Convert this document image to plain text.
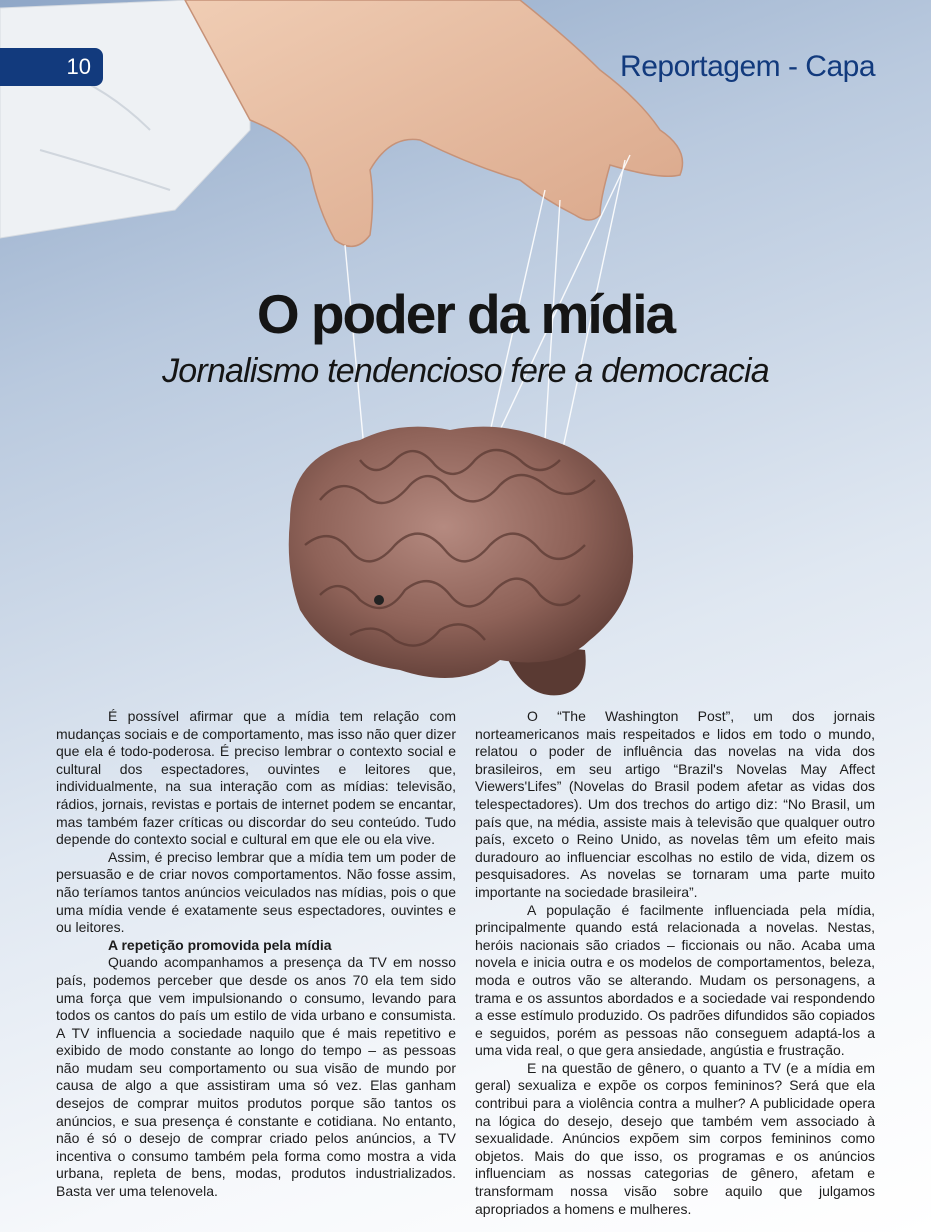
10	Reportagem - Capa
O poder da mídia
Jornalismo tendencioso fere a democracia

É possível afirmar que a mídia tem relação com mudanças sociais e de comportamento, mas isso não quer dizer que ela é todo-poderosa. É preciso lembrar o contexto social e cultural dos espectadores, ouvintes e leitores que, individualmente, na sua interação com as mídias: televisão, rádios, jornais, revistas e portais de internet podem se encantar, mas também fazer críticas ou discordar do seu conteúdo. Tudo depende do contexto social e cultural em que ele ou ela vive.

Assim, é preciso lembrar que a mídia tem um poder de persuasão e de criar novos comportamentos. Não fosse assim, não teríamos tantos anúncios veiculados nas mídias, pois o que uma mídia vende é exatamente seus espectadores, ouvintes e ou leitores.

A repetição promovida pela mídia

Quando acompanhamos a presença da TV em nosso país, podemos perceber que desde os anos 70 ela tem sido uma força que vem impulsionando o consumo, levando para todos os cantos do país um estilo de vida urbano e consumista. A TV influencia a sociedade naquilo que é mais repetitivo e exibido de modo constante ao longo do tempo – as pessoas não mudam seu comportamento ou sua visão de mundo por causa de algo a que assistiram uma só vez. Elas ganham desejos de comprar muitos produtos porque são tantos os anúncios, e sua presença é constante e cotidiana. No entanto, não é só o desejo de comprar criado pelos anúncios, a TV incentiva o consumo também pela forma como mostra a vida urbana, repleta de bens, modas, produtos industrializados. Basta ver uma telenovela.

O “The Washington Post”, um dos jornais norteamericanos mais respeitados e lidos em todo o mundo, relatou o poder de influência das novelas na vida dos brasileiros, em seu artigo “Brazil's Novelas May Affect Viewers'Lifes” (Novelas do Brasil podem afetar as vidas dos telespectadores). Um dos trechos do artigo diz: “No Brasil, um país que, na média, assiste mais à televisão que qualquer outro país, exceto o Reino Unido, as novelas têm um efeito mais duradouro ao influenciar escolhas no estilo de vida, dizem os pesquisadores. As novelas se tornaram uma parte muito importante na sociedade brasileira”.

A população é facilmente influenciada pela mídia, principalmente quando está relacionada a novelas. Nestas, heróis nacionais são criados – ficcionais ou não. Acaba uma novela e inicia outra e os modelos de comportamentos, beleza, moda e outros vão se alterando. Mudam os personagens, a trama e os assuntos abordados e a sociedade vai respondendo a esse estímulo produzido. Os padrões difundidos são copiados e seguidos, porém as pessoas não conseguem adaptá-los a uma vida real, o que gera ansiedade, angústia e frustração.

E na questão de gênero, o quanto a TV (e a mídia em geral) sexualiza e expõe os corpos femininos? Será que ela contribui para a violência contra a mulher? A publicidade opera na lógica do desejo, desejo que também vem associado à sexualidade. Anúncios expõem sim corpos femininos como objetos. Mais do que isso, os programas e os anúncios influenciam as nossas categorias de gênero, afetam e transformam nossa visão sobre aquilo que julgamos apropriados a homens e mulheres.
